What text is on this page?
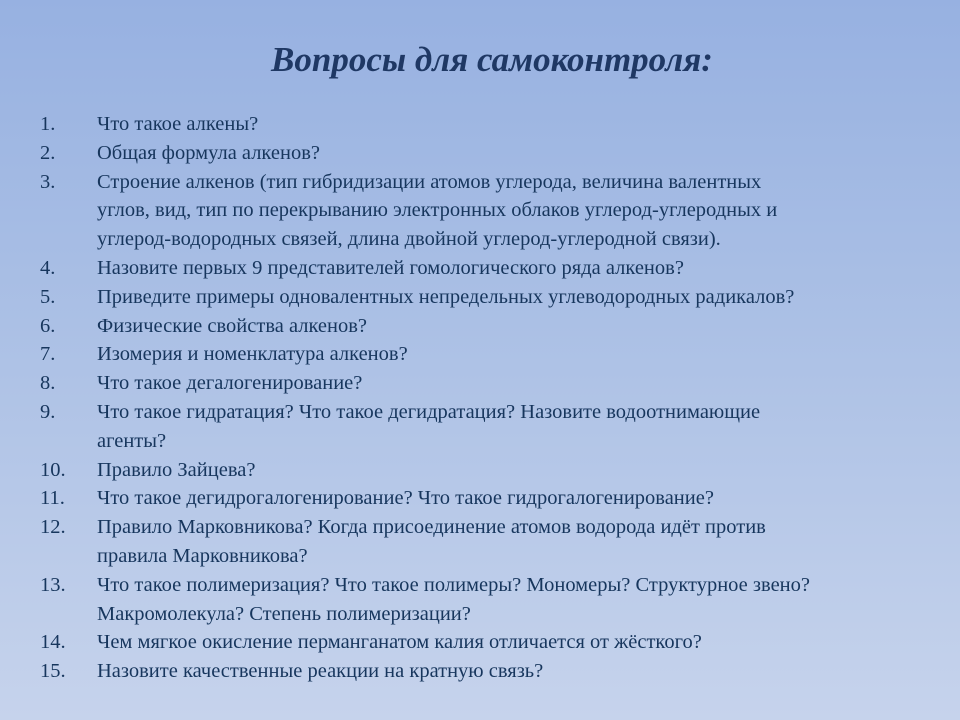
Вопросы для самоконтроля:
1.	Что такое алкены?
2.	Общая формула алкенов?
3.	Строение алкенов (тип гибридизации атомов углерода, величина валентных
углов, вид, тип по перекрыванию электронных облаков углерод-углеродных и
углерод-водородных связей, длина двойной углерод-углеродной связи).
4.	Назовите первых 9 представителей гомологического ряда алкенов?
5.	Приведите примеры одновалентных непредельных углеводородных радикалов?
6.	Физические свойства алкенов?
7.	Изомерия и номенклатура алкенов?
8.	Что такое дегалогенирование?
9.	Что такое гидратация? Что такое дегидратация? Назовите водоотнимающие
агенты?
10.	Правило Зайцева?
11.	Что такое дегидрогалогенирование? Что такое гидрогалогенирование?
12.	Правило Марковникова? Когда присоединение атомов водорода идёт против
правила Марковникова?
13.	Что такое полимеризация? Что такое полимеры? Мономеры? Структурное звено?
Макромолекула? Степень полимеризации?
14.	Чем мягкое окисление перманганатом калия отличается от жёсткого?
15.	Назовите качественные реакции на кратную связь?
